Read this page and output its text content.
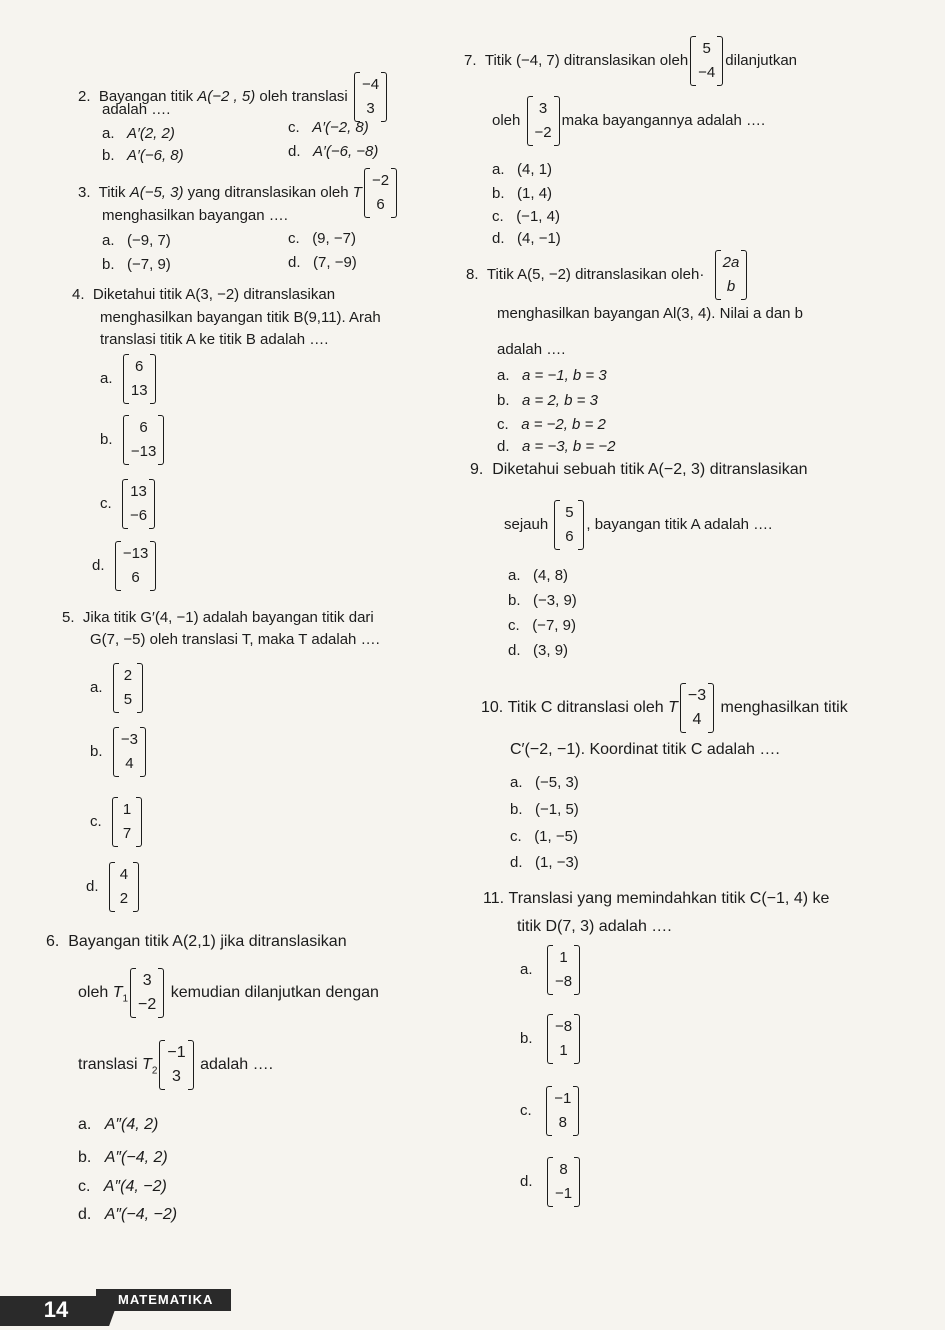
2. Bayangan titik A(−2 , 5) oleh translasi
−4
3
adalah ….
a. A′(2, 2)
b. A′(−6, 8)
c. A′(−2, 8)
d. A′(−6, −8)
3. Titik A(−5, 3) yang ditranslasikan oleh T
−2
6
menghasilkan bayangan ….
a. (−9, 7)
b. (−7, 9)
c. (9, −7)
d. (7, −9)
4. Diketahui titik A(3, −2) ditranslasikan
menghasilkan bayangan titik B(9,11). Arah
translasi titik A ke titik B adalah ….
a.
6
13
b.
6
−13
c.
13
−6
d.
−13
6
5. Jika titik G′(4, −1) adalah bayangan titik dari
G(7, −5) oleh translasi T, maka T adalah ….
a.
2
5
b.
−3
4
c.
1
7
d.
4
2
6. Bayangan titik A(2,1) jika ditranslasikan
oleh $T_1$
3
−2
kemudian dilanjutkan dengan
translasi $T_2$
−1
3
adalah ….
a. A″(4, 2)
b. A″(−4, 2)
c. A″(4, −2)
d. A″(−4, −2)
7. Titik (−4, 7) ditranslasikan oleh
5
−4
dilanjutkan
oleh
3
−2
maka bayangannya adalah ….
a. (4, 1)
b. (1, 4)
c. (−1, 4)
d. (4, −1)
8. Titik A(5, −2) ditranslasikan oleh·
2a
b
menghasilkan bayangan Al(3, 4). Nilai a dan b
adalah ….
a. a = −1, b = 3
b. a = 2, b = 3
c. a = −2, b = 2
d. a = −3, b = −2
9. Diketahui sebuah titik A(−2, 3) ditranslasikan
sejauh
5
6
, bayangan titik A adalah ….
a. (4, 8)
b. (−3, 9)
c. (−7, 9)
d. (3, 9)
10. Titik C ditranslasi oleh T
−3
4
menghasilkan titik
C′(−2, −1). Koordinat titik C adalah ….
a. (−5, 3)
b. (−1, 5)
c. (1, −5)
d. (1, −3)
11. Translasi yang memindahkan titik C(−1, 4) ke
titik D(7, 3) adalah ….
a.
1
−8
b.
−8
1
c.
−1
8
d.
8
−1
MATEMATIKA
14
